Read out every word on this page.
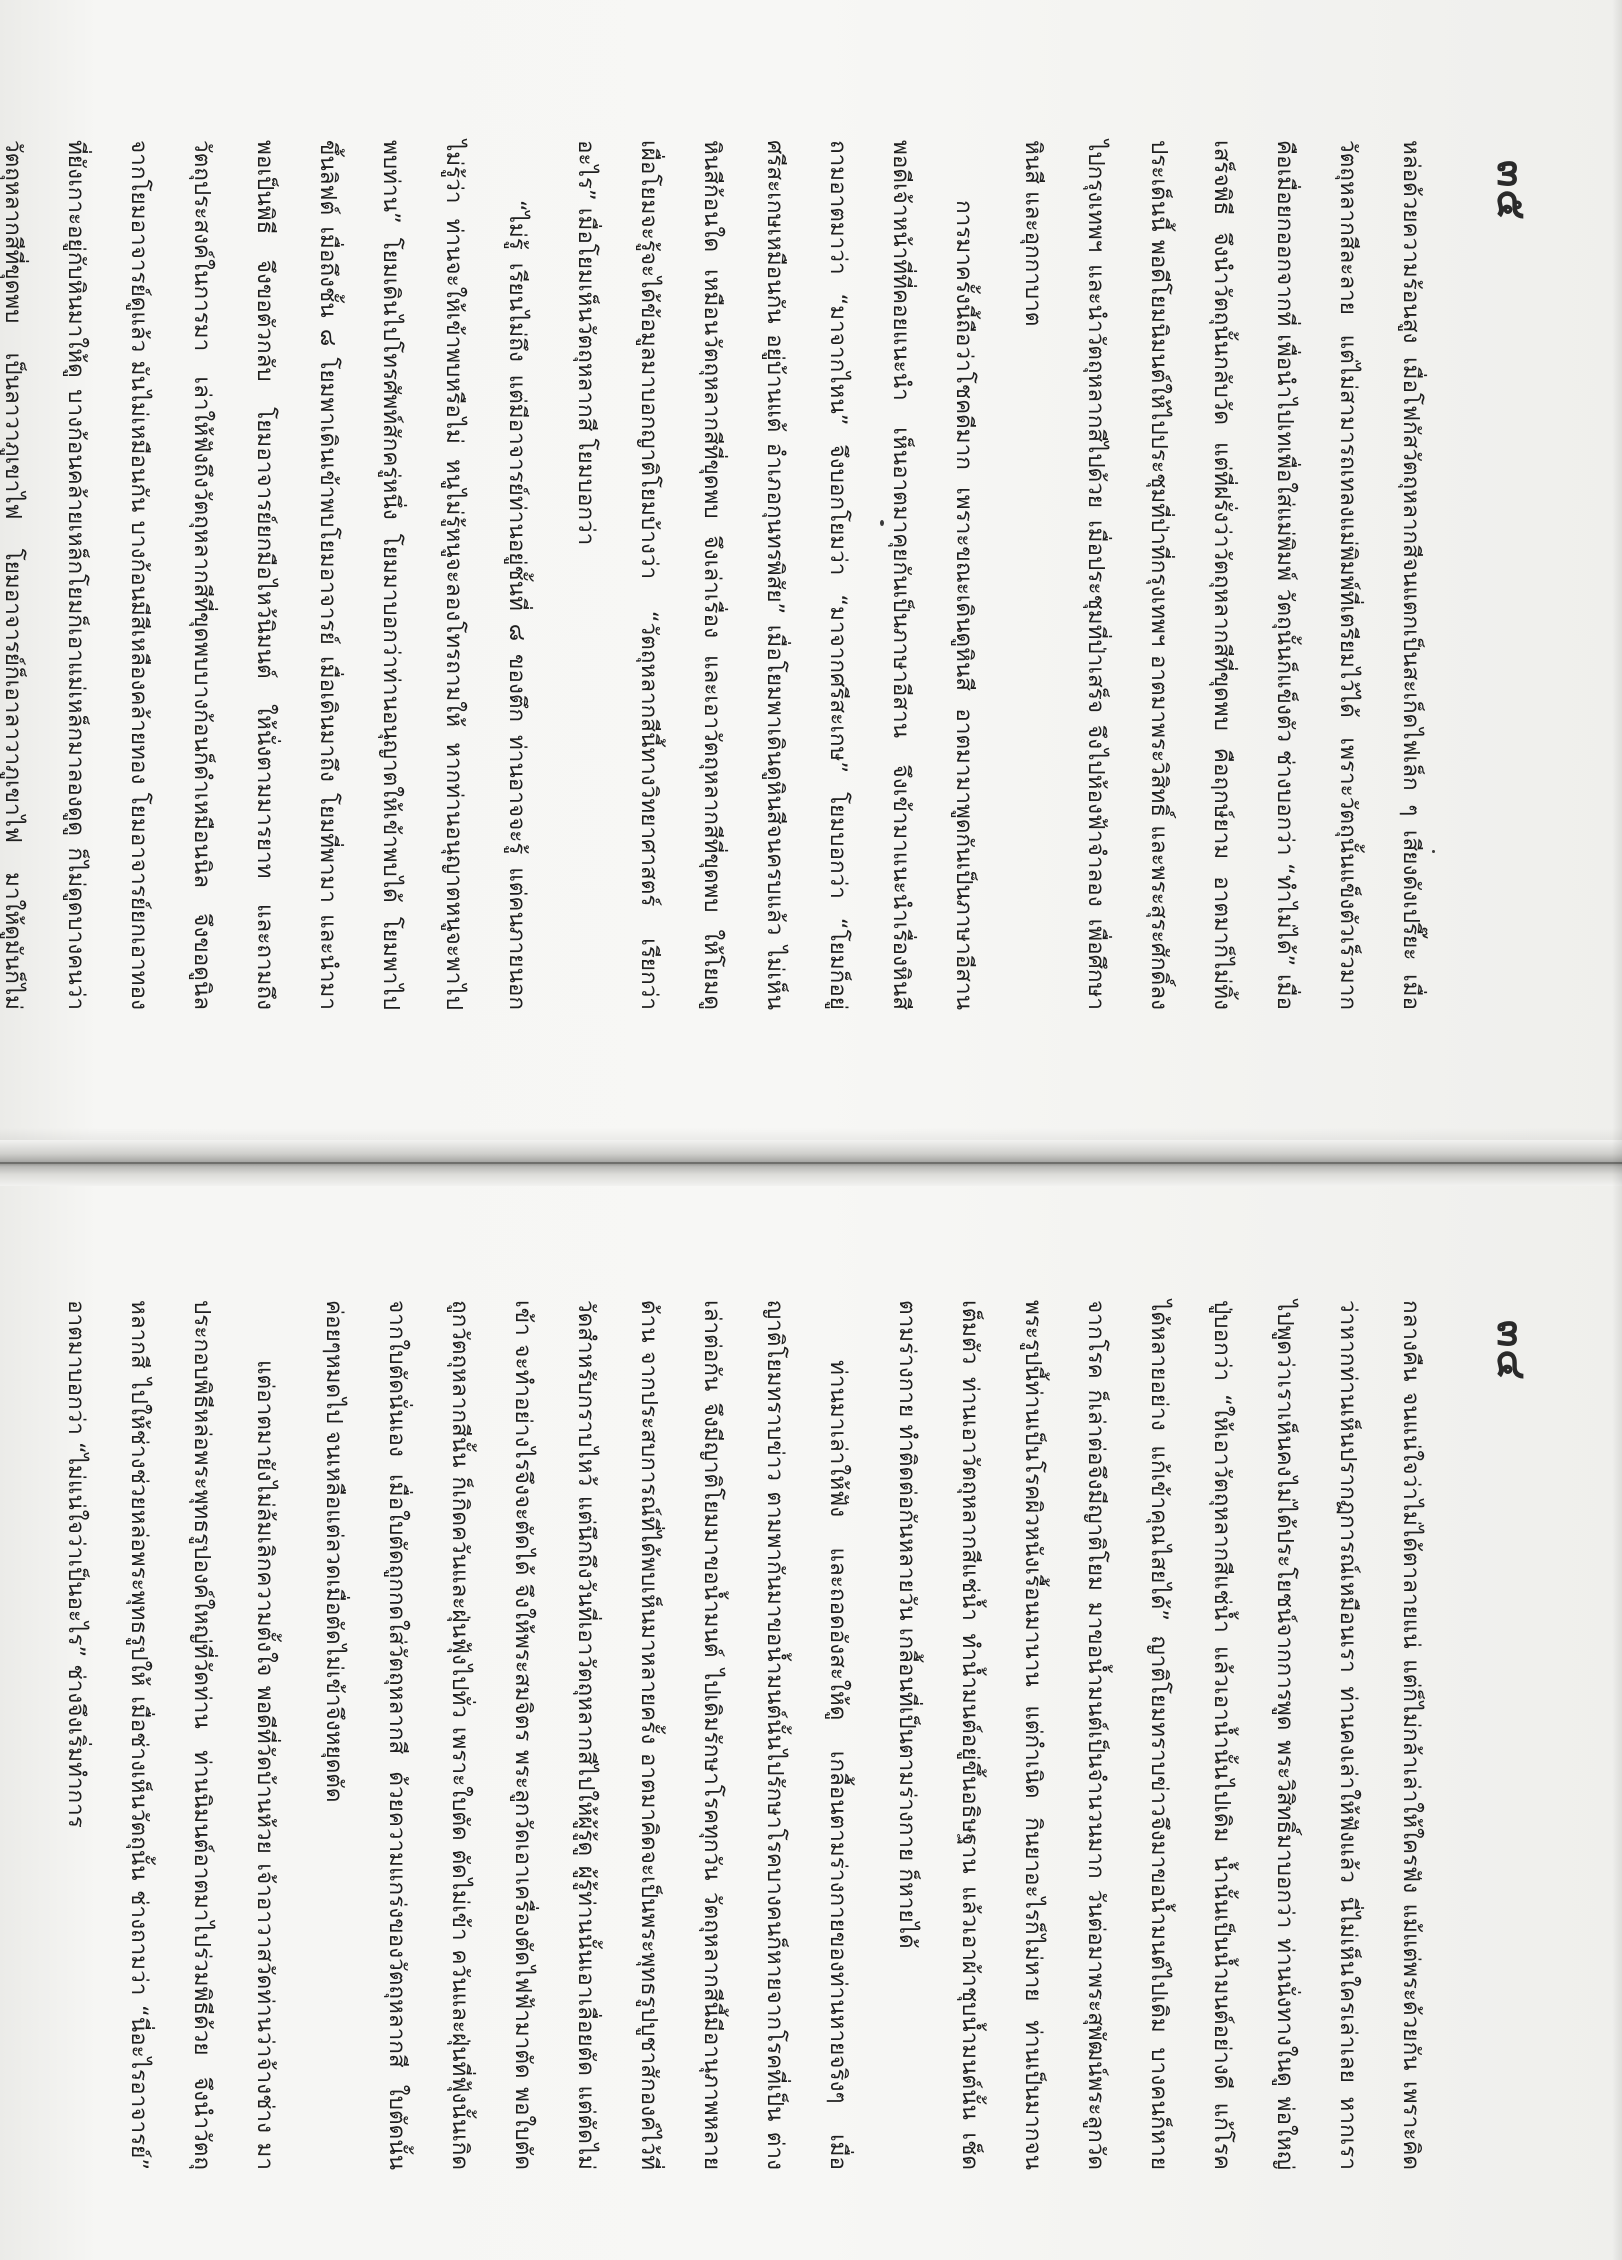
๓๕

หล่อด้วยความร้อนสูง เมื่อโฟกัสวัตถุหลากสีจนแตกเป็นสะเก็ดไฟเล็ก ๆ เสียงดังเปรี๊ยะ เมื่อวัตถุหลากสีละลาย แต่ไม่สามารถเทลงแม่พิมพ์ที่เตรียมไว้ได้ เพราะวัตถุนั้นแข็งตัวเร็วมาก คือเมื่อยกออกจากที่ เพื่อนำไปเทเพื่อใส่แม่พิมพ์ วัตถุนั้นก็แข็งตัว ช่างบอกว่า “ทำไม่ได้” เมื่อเสร็จพิธี จึงนำวัตถุนั้นกลับวัด แต่ที่ฝรั่งว่าวัตถุหลากสีที่ขุดพบ คือฤกษ์ยาม อาตมาก็ไม่ทิ้งประเด็นนี้ พอดีโยมนิมนต์ให้ไปประชุมที่ป่าที่กรุงเทพฯ อาตมาพระวิสิทธิ์ และพระสุระศักดิ์ลงไปกรุงเทพฯ และนำวัตถุหลากสีไปด้วย เมื่อประชุมที่ป่าเสร็จ จึงไปห้องฟ้าจำลอง เพื่อศึกษาหินสี และอุกกาบาต

การมาครั้งนี้ถือว่าโชคดีมาก เพราะขณะเดินดูหินสี อาตมามาพูดกันเป็นภาษาอีสาน พอดีเจ้าหน้าที่ที่คอยแนะนำ เห็นอาตมาคุยกันเป็นภาษาอีสาน จึงเข้ามาแนะนำเรื่องหินสี ถามอาตมาว่า “มาจากไหน” จึงบอกโยมว่า “มาจากศรีสะเกษ” โยมบอกว่า “โยมก็อยู่ศรีสะเกษเหมือนกัน อยู่บ้านแต้ อำเภอกุนทรพิสัย” เมื่อโยมพาเดินดูหินสีจนครบแล้ว ไม่เห็นหินสีก้อนใด เหมือนวัตถุหลากสีที่ขุดพบ จึงเล่าเรื่อง และเอาวัตถุหลากสีที่ขุดพบ ให้โยมดู เผื่อโยมจะรู้จะได้ข้อมูลมาบอกญาติโยมบ้างว่า “วัตถุหลากสีนี้ทางวิทยาศาสตร์ เรียกว่าอะไร” เมื่อโยมเห็นวัตถุหลากสี โยมบอกว่า

“ไม่รู้ เรียนไม่ถึง แต่มีอาจารย์ท่านอยู่ชั้นที่ ๘ ของตึก ท่านอาจจะรู้ แต่คนภายนอกไม่รู้ว่า ท่านจะให้เข้าพบหรือไม่ หนูไม่รู้หนูจะลองโทรถามให้ หากท่านอนุญาตหนูจะพาไปพบท่าน” โยมเดินไปโทรศัพท์สักครู่หนึ่ง โยมมาบอกว่าท่านอนุญาตให้เข้าพบได้ โยมพาไปขึ้นลิฟต์ เมื่อถึงชั้น ๘ โยมพาเดินเข้าพบโยมอาจารย์ เมื่อเดินมาถึง โยมที่พามา และนำมาพอเป็นพิธี จึงขอตัวกลับ โยมอาจารย์ยกมือไหว้นิมนต์ ให้นั่งตามมารยาท และถามถึงวัตถุประสงค์ในการมา เล่าให้ฟังถึงวัตถุหลากสีที่ขุดพบบางก้อนก็ดำเหมือนนิล จึงขอดูนิลจากโยมอาจารย์ดูแล้ว มันไม่เหมือนกัน บางก้อนมีสีเหลืองคล้ายทอง โยมอาจารย์ยกเอาทอง ที่ยังเกาะอยู่กับหินมาให้ดู บางก้อนคล้ายเหล็กโยมก็เอาแม่เหล็กมาลองดูดู ก็ไม่ดูดบางคนว่าวัตถุหลากสีที่ขุดพบ เป็นลาวาภูเขาไฟ โยมอาจารย์ก็เอาลาวาภูเขาไฟ มาให้ดูมันก็ไม่

๓๔

กลางคืน จนแน่ใจว่าไม่ได้ตาลายแน่ แต่ก็ไม่กล้าเล่าให้ใครฟัง แม้แต่พระด้วยกัน เพราะคิดว่าหากท่านเห็นปรากฏการณ์เหมือนเรา ท่านคงเล่าให้ฟังแล้ว นี่ไม่เห็นใครเล่าเลย หากเราไปพูดว่าเราเห็นคงไม่ได้ประโยชน์จากการพูด พระวิสิทธิ์มาบอกว่า ท่านนั่งทางในดู พ่อใหญ่ปู่บอกว่า “ให้เอาวัตถุหลากสีแช่น้ำ แล้วเอาน้ำนั้นไปเดิม น้ำนั้นเป็นน้ำมนต์อย่างดี แก้โรคได้หลายอย่าง แก้เข้าคุณไสยได้” ญาติโยมทราบข่าวจึงมาขอน้ำมนต์ไปเดิม บางคนก็หายจากโรค ก็เล่าต่อจึงมีญาติโยม มาขอน้ำมนต์เป็นจำนวนมาก วันต่อมาพระสุพัฒน์พระลูกวัด พระรูปนี้ท่านเป็นโรคผิวหนังเรื้อนมานาน แต่กำเนิด กินยาอะไรก็ไม่หาย ท่านเป็นมากจนเต็มตัว ท่านเอาวัตถุหลากสีแช่น้ำ ทำน้ำมนต์อยู่ขึ้นอธิษฐาน แล้วเอาผ้าชุบน้ำมนต์นั้น เช็ดตามร่างกาย ทำติดต่อกันหลายวัน เกลื้อนที่เป็นตามร่างกาย ก็หายได้

ท่านมาเล่าให้ฟัง และถอดอังสะให้ดู เกลื้อนตามร่างกายของท่านหายจริงๆ เมื่อญาติโยมทราบข่าว ตามพากันมาขอน้ำมนต์นั้นไปรักษาโรคบางคนก็หายจากโรคที่เป็น ต่างเล่าต่อกัน จึงมีญาติโยมมาขอน้ำมนต์ ไปเดิมรักษาโรคทุกวัน วัตถุหลากสีนี้มีอานุภาพหลายด้าน จากประสบการณ์ที่ได้พบเห็นมาหลายครั้ง อาตมาคิดจะเป็นพระพุทธรูปบูชาสักองค์ไว้ที่วัดสำหรับกราบไหว้ แต่นึกถึงวันที่เอาวัตถุหลากสีไปให้ผู้รู้ดู ผู้รู้ท่านนั้นเอาเลื่อยตัด แต่ตัดไม่เข้า จะทำอย่างไรจึงจะตัดได้ จึงให้พระสมจิตร พระลูกวัดเอาเครื่องตัดไฟฟ้ามาตัด พอใบตัดถูกวัตถุหลากสีนั้น ก็เกิดควันและฝุ่นฟุ้งไปทั่ว เพราะใบตัด ตัดไม่เข้า ควันและฝุ่นที่ฟุ้งนั้นเกิดจากใบตัดนั่นเอง เมื่อใบตัดถูกกดใส่วัตถุหลากสี ด้วยความแกร่งของวัตถุหลากสี ใบตัดนั้นค่อยๆหมดไป จนเหลือแต่ลวดเมื่อตัดไม่เข้าจึงหยุดตัด

แต่อาตมายังไม่ล้มเลิกความตั้งใจ พอดีที่วัดบ้านห้วย เจ้าอาวาสวัดท่านว่าจ้างช่าง มาประกอบพิธีหล่อพระพุทธรูปองค์ใหญ่ที่วัดท่าน ท่านนิมนต์อาตมาไปร่วมพิธีด้วย จึงนำวัตถุหลากสี ไปให้ช่างช่วยหล่อพระพุทธรูปให้ เมื่อช่างเห็นวัตถุนั้น ช่างถามว่า “นี่อะไรอาจารย์” อาตมาบอกว่า “ไม่แน่ใจว่าเป็นอะไร” ช่างจึงเริ่มทำการ
